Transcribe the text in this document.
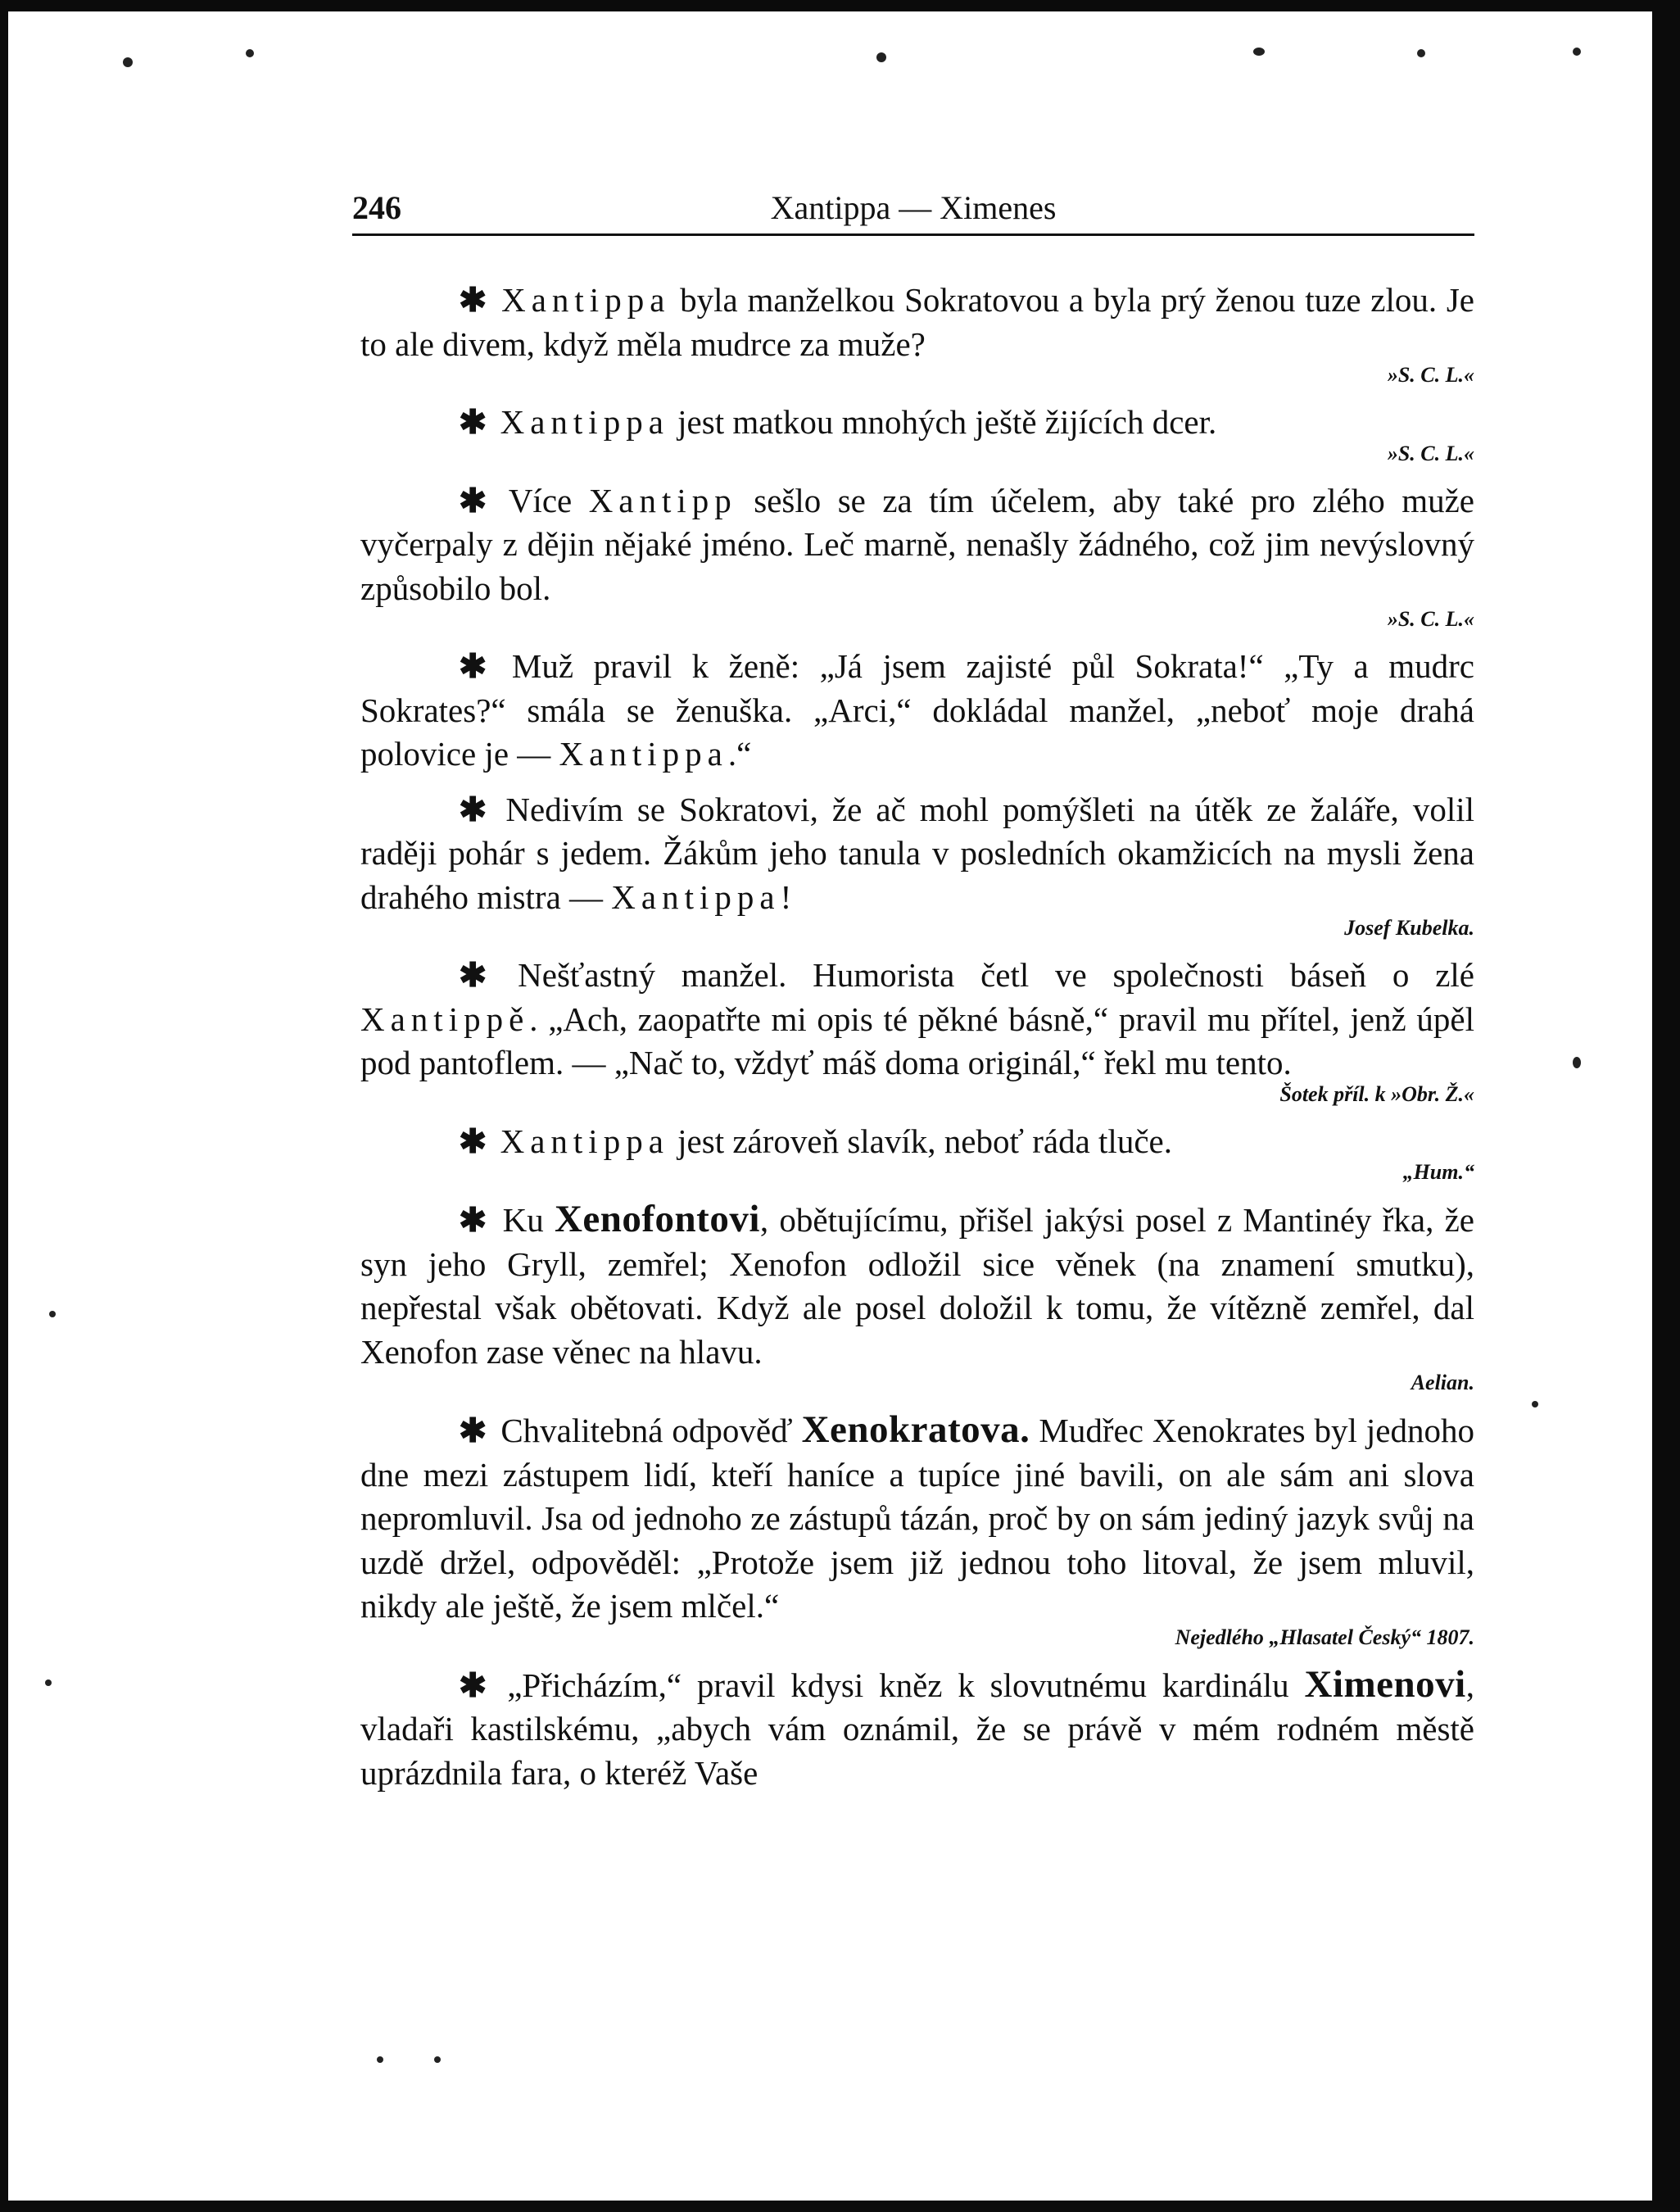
246	Xantippa — Ximenes

✱ Xantippa byla manželkou Sokratovou a byla prý ženou tuze zlou. Je to ale divem, když měla mudrce za muže?

»S. C. L.«

✱ Xantippa jest matkou mnohých ještě žijících dcer.

»S. C. L.«

✱ Více Xantipp sešlo se za tím účelem, aby také pro zlého muže vyčerpaly z dějin nějaké jméno. Leč marně, nenašly žádného, což jim nevýslovný způsobilo bol.

»S. C. L.«

✱ Muž pravil k ženě: „Já jsem zajisté půl Sokrata!“ „Ty a mudrc Sokrates?“ smála se ženuška. „Arci,“ dokládal manžel, „neboť moje drahá polovice je — Xantippa.“

✱ Nedivím se Sokratovi, že ač mohl pomýšleti na útěk ze žaláře, volil raději pohár s jedem. Žákům jeho tanula v posledních okamžicích na mysli žena drahého mistra — Xantippa!

Josef Kubelka.

✱ Nešťastný manžel. Humorista četl ve společnosti báseň o zlé Xantippě. „Ach, zaopatřte mi opis té pěkné básně,“ pravil mu přítel, jenž úpěl pod pantoflem. — „Nač to, vždyť máš doma originál,“ řekl mu tento.

Šotek příl. k »Obr. Ž.«

✱ Xantippa jest zároveň slavík, neboť ráda tluče.

„Hum.“

✱ Ku Xenofontovi, obětujícímu, přišel jakýsi posel z Mantinéy řka, že syn jeho Gryll, zemřel; Xenofon odložil sice věnek (na znamení smutku), nepřestal však obětovati. Když ale posel doložil k tomu, že vítězně zemřel, dal Xenofon zase věnec na hlavu.

Aelian.

✱ Chvalitebná odpověď Xenokratova. Mudřec Xenokrates byl jednoho dne mezi zástupem lidí, kteří haníce a tupíce jiné bavili, on ale sám ani slova nepromluvil. Jsa od jednoho ze zástupů tázán, proč by on sám jediný jazyk svůj na uzdě držel, odpověděl: „Protože jsem již jednou toho litoval, že jsem mluvil, nikdy ale ještě, že jsem mlčel.“

Nejedlého „Hlasatel Český“ 1807.

✱ „Přicházím,“ pravil kdysi kněz k slovutnému kardinálu Ximenovi, vladaři kastilskému, „abych vám oznámil, že se právě v mém rodném městě uprázdnila fara, o kteréž Vaše
